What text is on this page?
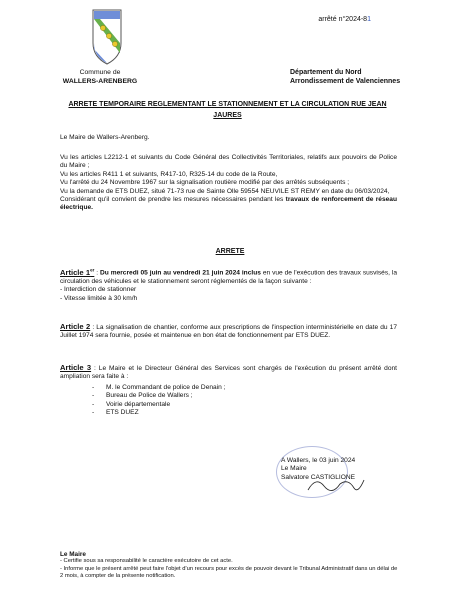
arrêté n°2024-81
Commune de
WALLERS-ARENBERG
Département du Nord
Arrondissement de Valenciennes
ARRETE TEMPORAIRE REGLEMENTANT LE STATIONNEMENT ET LA CIRCULATION RUE JEAN JAURES
Le Maire de Wallers-Arenberg.
Vu les articles L2212-1 et suivants du Code Général des Collectivités Territoriales, relatifs aux pouvoirs de Police du Maire ;
Vu les articles R411 1 et suivants, R417-10, R325-14 du code de la Route,
Vu l'arrêté du 24 Novembre 1967 sur la signalisation routière modifié par des arrêtés subséquents ;
Vu la demande de ETS DUEZ, situé 71-73 rue de Sainte Olle 59554 NEUVILE ST REMY en date du 06/03/2024,
Considérant qu'il convient de prendre les mesures nécessaires pendant les travaux de renforcement de réseau électrique.
ARRETE
Article 1er : Du mercredi 05 juin au vendredi 21 juin 2024 inclus en vue de l'exécution des travaux susvisés, la circulation des véhicules et le stationnement seront réglementés de la façon suivante :
- Interdiction de stationner
- Vitesse limitée à 30 km/h
Article 2 : La signalisation de chantier, conforme aux prescriptions de l'inspection interministérielle en date du 17 Juillet 1974 sera fournie, posée et maintenue en bon état de fonctionnement par ETS DUEZ.
Article 3 : Le Maire et le Directeur Général des Services sont chargés de l'exécution du présent arrêté dont ampliation sera faite à :
- M. le Commandant de police de Denain ;
- Bureau de Police de Wallers ;
- Voirie départementale
- ETS DUEZ
A Wallers, le 03 juin 2024
Le Maire
Salvatore CASTIGLIONE
Le Maire
- Certifie sous sa responsabilité le caractère exécutoire de cet acte.
- Informe que le présent arrêté peut faire l'objet d'un recours pour excès de pouvoir devant le Tribunal Administratif dans un délai de 2 mois, à compter de la présente notification.
